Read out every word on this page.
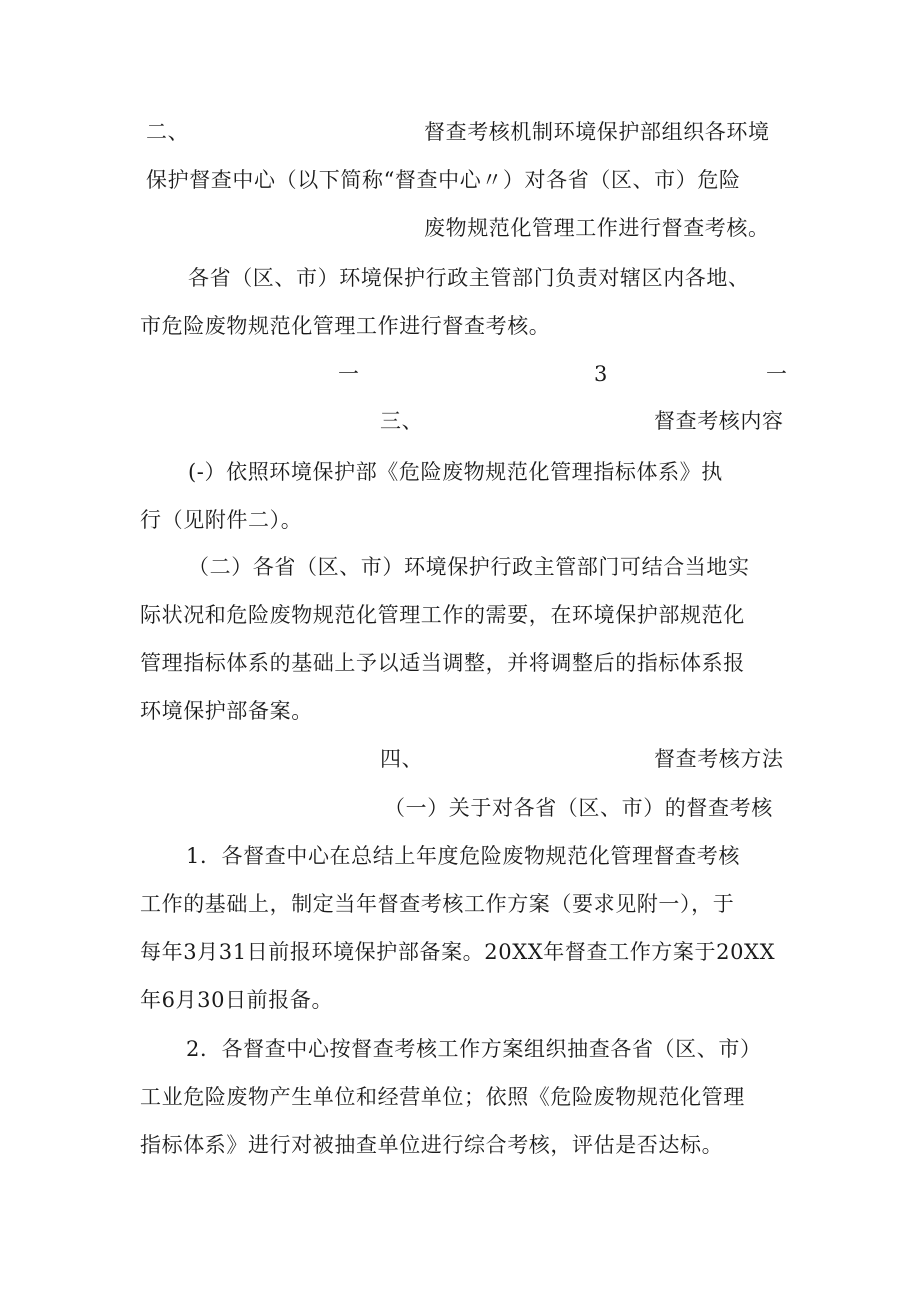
二、	督查考核机制环境保护部组织各环境
保护督查中心（以下简称“督查中心〃）对各省（区、市）危险
废物规范化管理工作进行督查考核。
各省（区、市）环境保护行政主管部门负责对辖区内各地、
市危险废物规范化管理工作进行督查考核。
一	3	一
三、	督查考核内容
(-）依照环境保护部《危险废物规范化管理指标体系》执
行（见附件二）。
（二）各省（区、市）环境保护行政主管部门可结合当地实
际状况和危险废物规范化管理工作的需要，在环境保护部规范化
管理指标体系的基础上予以适当调整，并将调整后的指标体系报
环境保护部备案。
四、	督查考核方法
（一）关于对各省（区、市）的督查考核
1．各督查中心在总结上年度危险废物规范化管理督查考核
工作的基础上，制定当年督查考核工作方案（要求见附一），于
每年3月31日前报环境保护部备案。20XX年督查工作方案于20XX
年6月30日前报备。
2．各督查中心按督查考核工作方案组织抽查各省（区、市）
工业危险废物产生单位和经营单位；依照《危险废物规范化管理
指标体系》进行对被抽查单位进行综合考核，评估是否达标。
